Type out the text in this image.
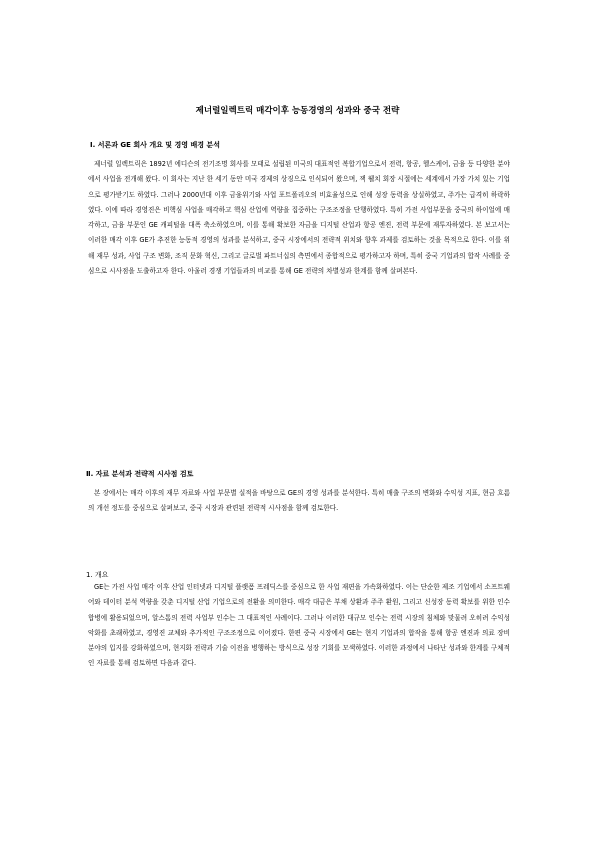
제너럴일렉트릭 매각이후 능동경영의 성과와 중국 전략
Ⅰ. 서론과 GE 회사 개요 및 경영 배경 분석
제너럴 일렉트릭은 1892년 에디슨의 전기조명 회사를 모태로 설립된 미국의 대표적인 복합기업으로서 전력, 항공, 헬스케어, 금융 등 다양한 분야에서 사업을 전개해 왔다. 이 회사는 지난 한 세기 동안 미국 경제의 상징으로 인식되어 왔으며, 잭 웰치 회장 시절에는 세계에서 가장 가치 있는 기업으로 평가받기도 하였다. 그러나 2000년대 이후 금융위기와 사업 포트폴리오의 비효율성으로 인해 성장 동력을 상실하였고, 주가는 급격히 하락하였다. 이에 따라 경영진은 비핵심 사업을 매각하고 핵심 산업에 역량을 집중하는 구조조정을 단행하였다. 특히 가전 사업부문을 중국의 하이얼에 매각하고, 금융 부문인 GE 캐피털을 대폭 축소하였으며, 이를 통해 확보한 자금을 디지털 산업과 항공 엔진, 전력 부문에 재투자하였다. 본 보고서는 이러한 매각 이후 GE가 추진한 능동적 경영의 성과를 분석하고, 중국 시장에서의 전략적 위치와 향후 과제를 검토하는 것을 목적으로 한다. 이를 위해 재무 성과, 사업 구조 변화, 조직 문화 혁신, 그리고 글로벌 파트너십의 측면에서 종합적으로 평가하고자 하며, 특히 중국 기업과의 합작 사례를 중심으로 시사점을 도출하고자 한다. 아울러 경쟁 기업들과의 비교를 통해 GE 전략의 차별성과 한계를 함께 살펴본다.
Ⅱ. 자료 분석과 전략적 시사점 검토
본 장에서는 매각 이후의 재무 자료와 사업 부문별 실적을 바탕으로 GE의 경영 성과를 분석한다. 특히 매출 구조의 변화와 수익성 지표, 현금 흐름의 개선 정도를 중심으로 살펴보고, 중국 시장과 관련된 전략적 시사점을 함께 검토한다.
1. 개요
GE는 가전 사업 매각 이후 산업 인터넷과 디지털 플랫폼 프레딕스를 중심으로 한 사업 재편을 가속화하였다. 이는 단순한 제조 기업에서 소프트웨어와 데이터 분석 역량을 갖춘 디지털 산업 기업으로의 전환을 의미한다. 매각 대금은 부채 상환과 주주 환원, 그리고 신성장 동력 확보를 위한 인수합병에 활용되었으며, 알스톰의 전력 사업부 인수는 그 대표적인 사례이다. 그러나 이러한 대규모 인수는 전력 시장의 침체와 맞물려 오히려 수익성 악화를 초래하였고, 경영진 교체와 추가적인 구조조정으로 이어졌다. 한편 중국 시장에서 GE는 현지 기업과의 합작을 통해 항공 엔진과 의료 장비 분야의 입지를 강화하였으며, 현지화 전략과 기술 이전을 병행하는 방식으로 성장 기회를 모색하였다. 이러한 과정에서 나타난 성과와 한계를 구체적인 자료를 통해 검토하면 다음과 같다.
